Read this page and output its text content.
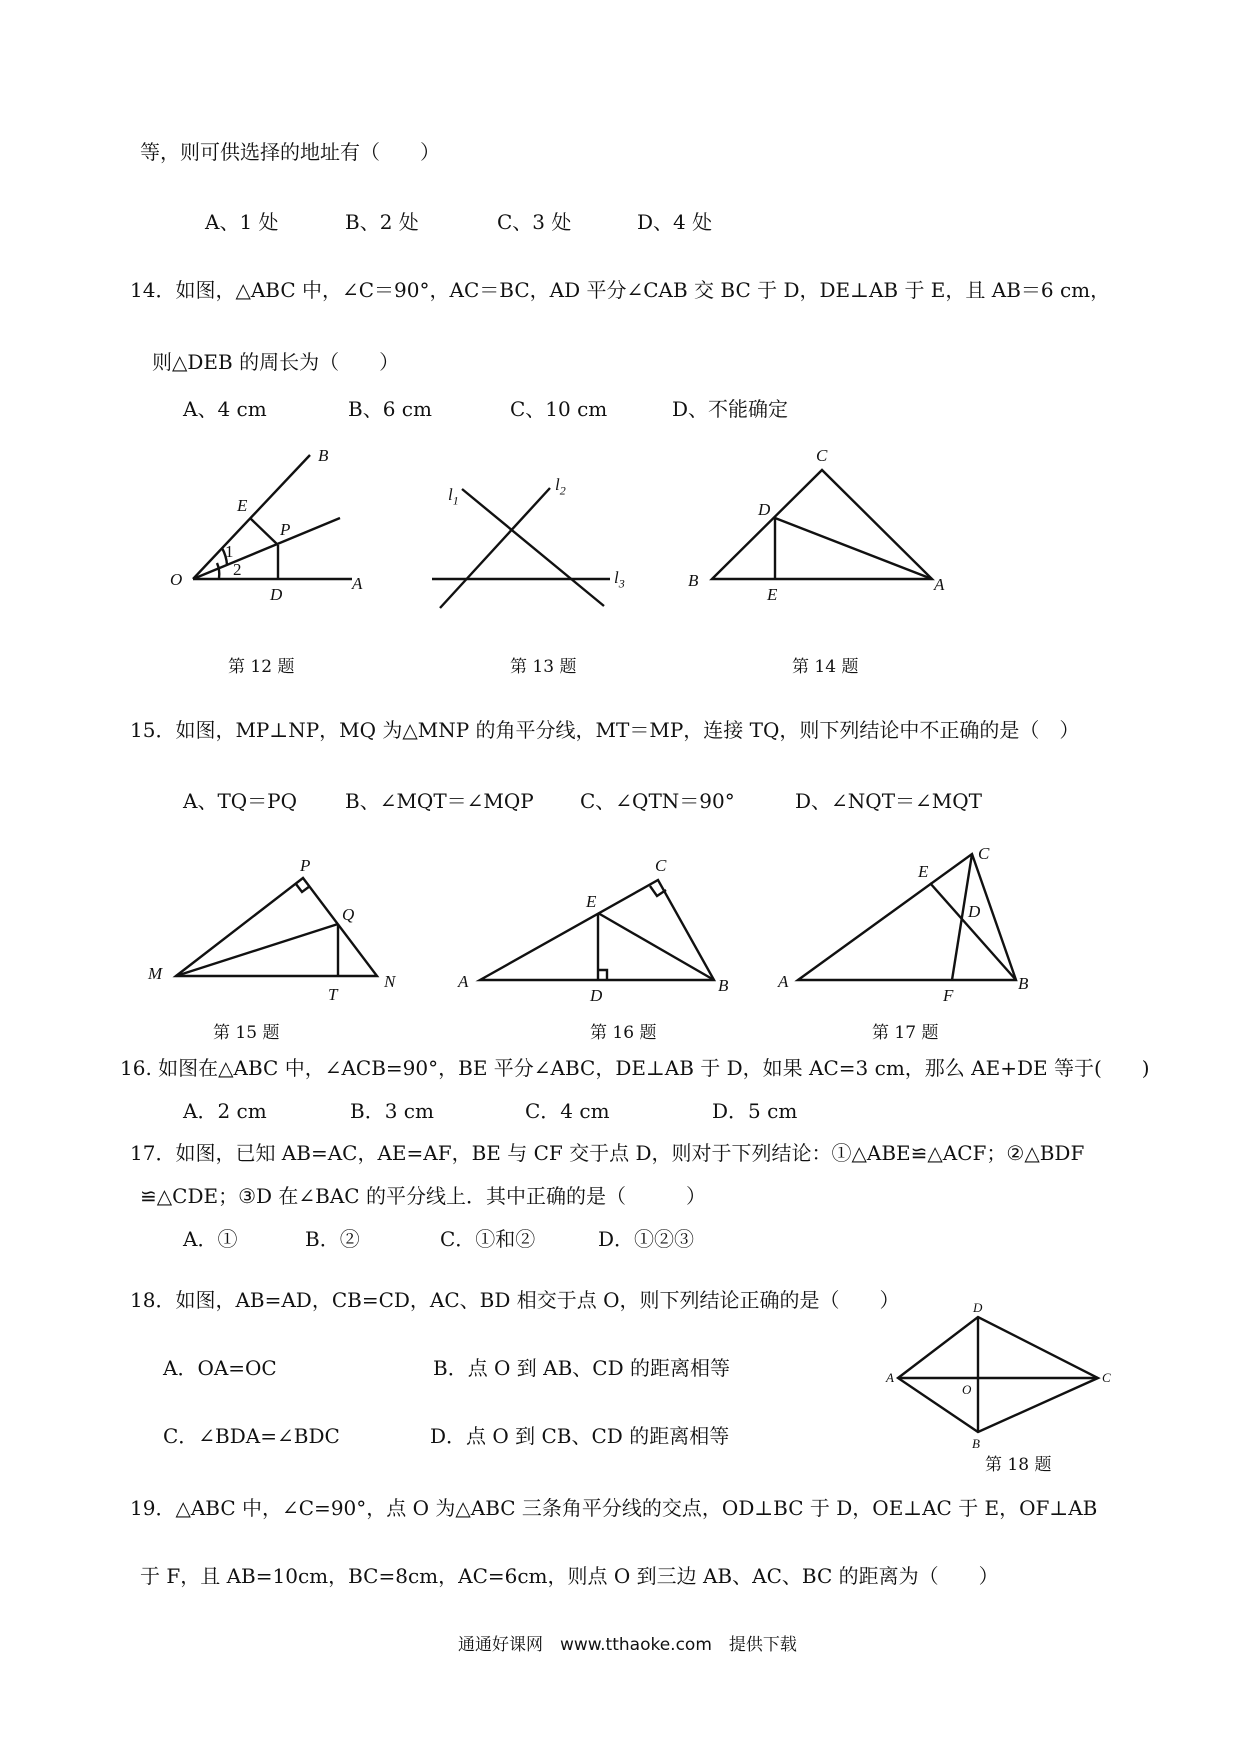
等，则可供选择的地址有（　　）
A、1 处	B、2 处	C、3 处	D、4 处
14．如图，△ABC 中，∠C＝90°，AC＝BC，AD 平分∠CAB 交 BC 于 D，DE⊥AB 于 E，且 AB＝6 cm，
则△DEB 的周长为（　　）
A、4 cm	B、6 cm	C、10 cm	D、不能确定
B
E
P
O
D
A
1
2
第 12 题
$l_1$
$l_2$
$l_3$
第 13 题
C
D
B
E
A
第 14 题
15．如图，MP⊥NP，MQ 为△MNP 的角平分线，MT＝MP，连接 TQ，则下列结论中不正确的是（　）
A、TQ＝PQ B、∠MQT＝∠MQP C、∠QTN＝90°	D、∠NQT＝∠MQT
P
Q
M
T
N
第 15 题
C
E
A
D
B
第 16 题
E
C
D
A
F
B
第 17 题
16. 如图在△ABC 中，∠ACB=90°，BE 平分∠ABC，DE⊥AB 于 D，如果 AC=3 cm，那么 AE+DE 等于(　　)
A．2 cm	B．3 cm	C．4 cm	D．5 cm
17．如图，已知 AB=AC，AE=AF，BE 与 CF 交于点 D，则对于下列结论：①△ABE≌△ACF；②△BDF
≌△CDE；③D 在∠BAC 的平分线上．其中正确的是（　　　）
A．①	B．②	C．①和②	D．①②③
18．如图，AB=AD，CB=CD，AC、BD 相交于点 O，则下列结论正确的是（　　）
A．OA=OC	B．点 O 到 AB、CD 的距离相等
C．∠BDA=∠BDC	D．点 O 到 CB、CD 的距离相等
D
A
O
C
B
第 18 题
19．△ABC 中，∠C=90°，点 O 为△ABC 三条角平分线的交点，OD⊥BC 于 D，OE⊥AC 于 E，OF⊥AB
于 F，且 AB=10cm，BC=8cm，AC=6cm，则点 O 到三边 AB、AC、BC 的距离为（　　）
通通好课网　www.tthaoke.com　提供下载
